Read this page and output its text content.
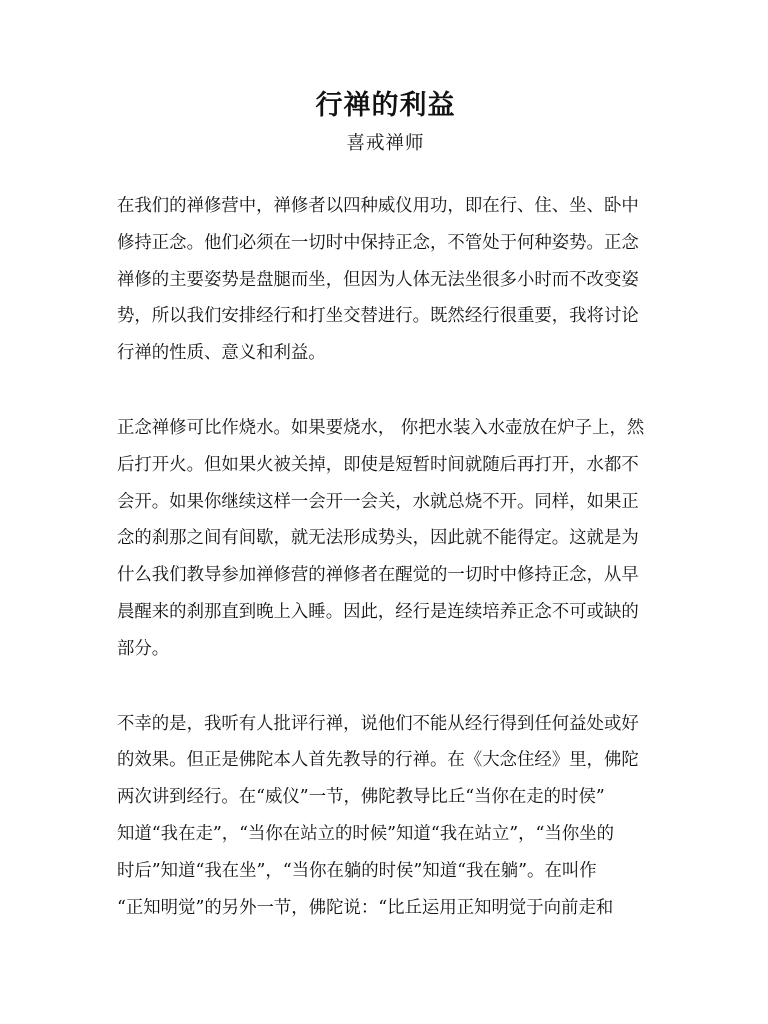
行禅的利益
喜戒禅师

在我们的禅修营中，禅修者以四种威仪用功，即在行、住、坐、卧中
修持正念。他们必须在一切时中保持正念，不管处于何种姿势。正念
禅修的主要姿势是盘腿而坐，但因为人体无法坐很多小时而不改变姿
势，所以我们安排经行和打坐交替进行。既然经行很重要，我将讨论
行禅的性质、意义和利益。

正念禅修可比作烧水。如果要烧水， 你把水装入水壶放在炉子上，然
后打开火。但如果火被关掉，即使是短暂时间就随后再打开，水都不
会开。如果你继续这样一会开一会关，水就总烧不开。同样，如果正
念的刹那之间有间歇，就无法形成势头，因此就不能得定。这就是为
什么我们教导参加禅修营的禅修者在醒觉的一切时中修持正念，从早
晨醒来的刹那直到晚上入睡。因此，经行是连续培养正念不可或缺的
部分。

不幸的是，我听有人批评行禅，说他们不能从经行得到任何益处或好
的效果。但正是佛陀本人首先教导的行禅。在《大念住经》里，佛陀
两次讲到经行。在“威仪”一节，佛陀教导比丘“当你在走的时侯”
知道“我在走”，“当你在站立的时候”知道“我在站立”，“当你坐的
时后”知道“我在坐”，“当你在躺的时侯”知道“我在躺”。在叫作
“正知明觉”的另外一节，佛陀说：“比丘运用正知明觉于向前走和
